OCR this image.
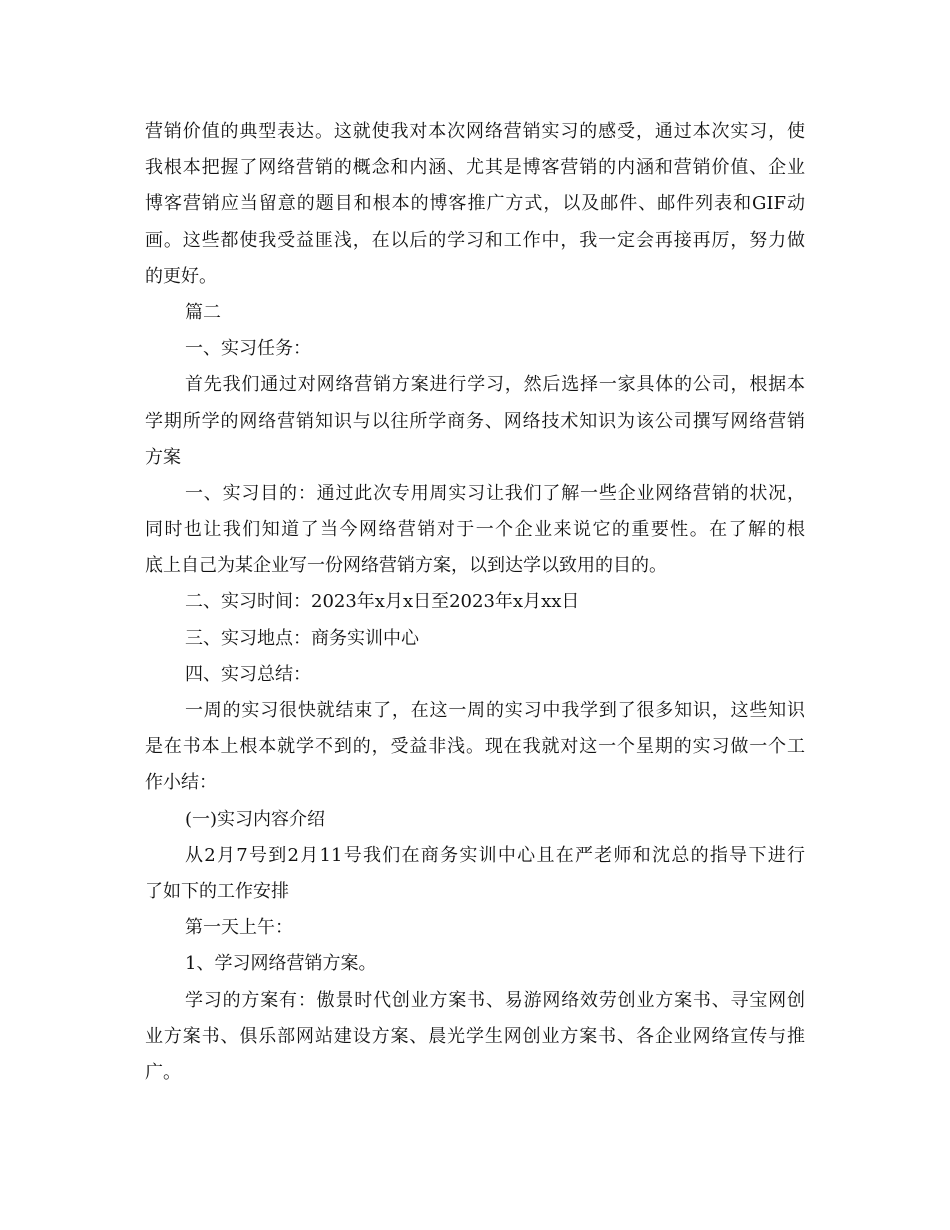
营销价值的典型表达。这就使我对本次网络营销实习的感受，通过本次实习，使
我根本把握了网络营销的概念和内涵、尤其是博客营销的内涵和营销价值、企业
博客营销应当留意的题目和根本的博客推广方式，以及邮件、邮件列表和GIF动
画。这些都使我受益匪浅，在以后的学习和工作中，我一定会再接再厉，努力做
的更好。
篇二
一、实习任务：
首先我们通过对网络营销方案进行学习，然后选择一家具体的公司，根据本
学期所学的网络营销知识与以往所学商务、网络技术知识为该公司撰写网络营销
方案
一、实习目的：通过此次专用周实习让我们了解一些企业网络营销的状况，
同时也让我们知道了当今网络营销对于一个企业来说它的重要性。在了解的根
底上自己为某企业写一份网络营销方案，以到达学以致用的目的。
二、实习时间：2023年x月x日至2023年x月xx日
三、实习地点：商务实训中心
四、实习总结：
一周的实习很快就结束了，在这一周的实习中我学到了很多知识，这些知识
是在书本上根本就学不到的，受益非浅。现在我就对这一个星期的实习做一个工
作小结：
(一)实习内容介绍
从2月7号到2月11号我们在商务实训中心且在严老师和沈总的指导下进行
了如下的工作安排
第一天上午：
1、学习网络营销方案。
学习的方案有：傲景时代创业方案书、易游网络效劳创业方案书、寻宝网创
业方案书、俱乐部网站建设方案、晨光学生网创业方案书、各企业网络宣传与推
广。
